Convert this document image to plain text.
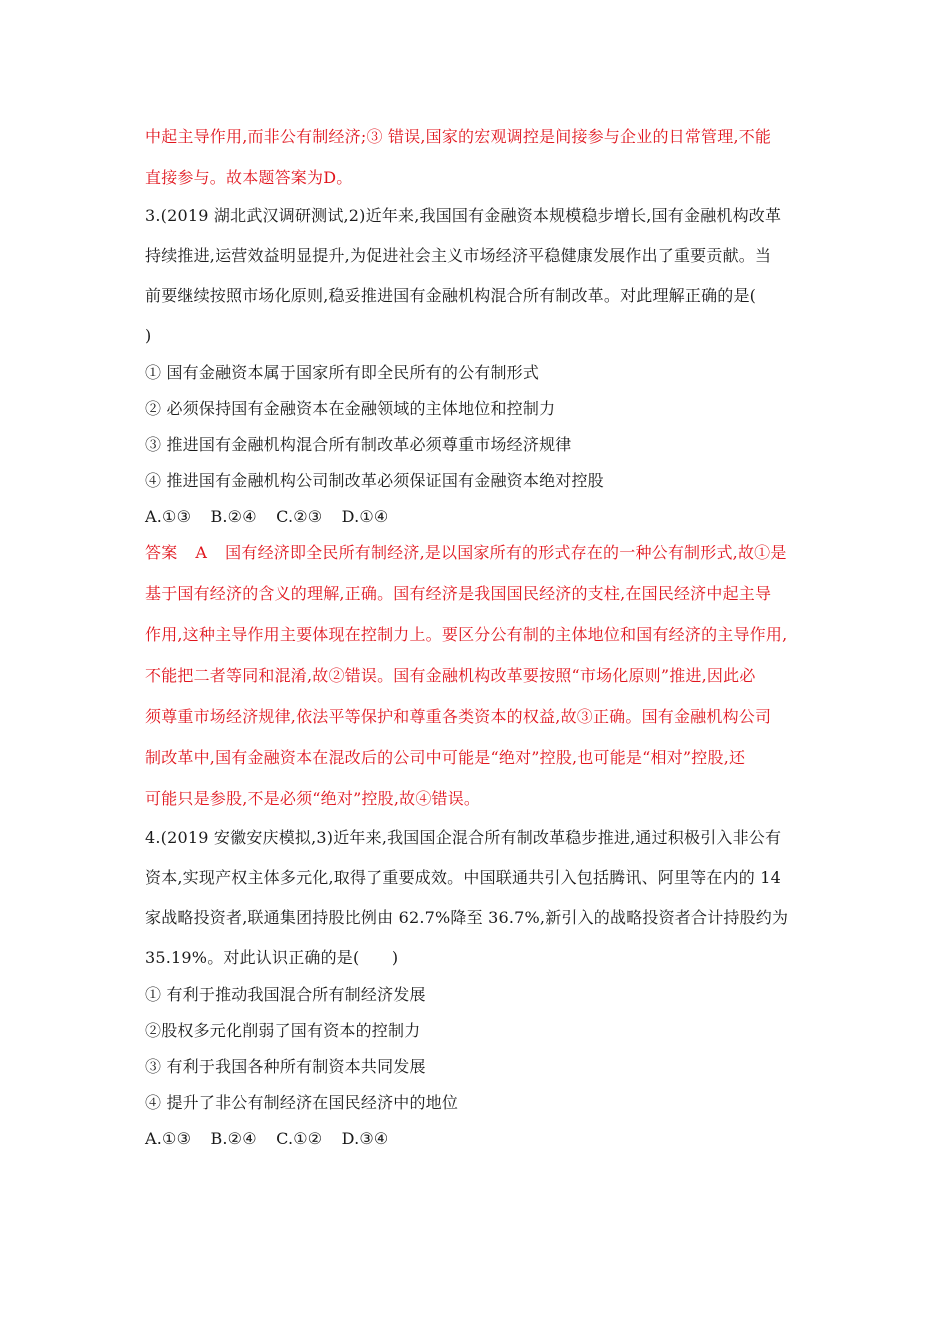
中起主导作用,而非公有制经济;③ 错误,国家的宏观调控是间接参与企业的日常管理,不能

直接参与。故本题答案为D。

3.(2019 湖北武汉调研测试,2)近年来,我国国有金融资本规模稳步增长,国有金融机构改革

持续推进,运营效益明显提升,为促进社会主义市场经济平稳健康发展作出了重要贡献。当

前要继续按照市场化原则,稳妥推进国有金融机构混合所有制改革。对此理解正确的是(

)

① 国有金融资本属于国家所有即全民所有的公有制形式

② 必须保持国有金融资本在金融领域的主体地位和控制力

③ 推进国有金融机构混合所有制改革必须尊重市场经济规律

④ 推进国有金融机构公司制改革必须保证国有金融资本绝对控股

A.①③ B.②④ C.②③ D.①④

答案 A 国有经济即全民所有制经济,是以国家所有的形式存在的一种公有制形式,故①是

基于国有经济的含义的理解,正确。国有经济是我国国民经济的支柱,在国民经济中起主导

作用,这种主导作用主要体现在控制力上。要区分公有制的主体地位和国有经济的主导作用,

不能把二者等同和混淆,故②错误。国有金融机构改革要按照“市场化原则”推进,因此必

须尊重市场经济规律,依法平等保护和尊重各类资本的权益,故③正确。国有金融机构公司

制改革中,国有金融资本在混改后的公司中可能是“绝对”控股,也可能是“相对”控股,还

可能只是参股,不是必须“绝对”控股,故④错误。

4.(2019 安徽安庆模拟,3)近年来,我国国企混合所有制改革稳步推进,通过积极引入非公有

资本,实现产权主体多元化,取得了重要成效。中国联通共引入包括腾讯、阿里等在内的 14

家战略投资者,联通集团持股比例由 62.7%降至 36.7%,新引入的战略投资者合计持股约为

35.19%。对此认识正确的是(　　)

① 有利于推动我国混合所有制经济发展

②股权多元化削弱了国有资本的控制力

③ 有利于我国各种所有制资本共同发展

④ 提升了非公有制经济在国民经济中的地位

A.①③ B.②④ C.①② D.③④
